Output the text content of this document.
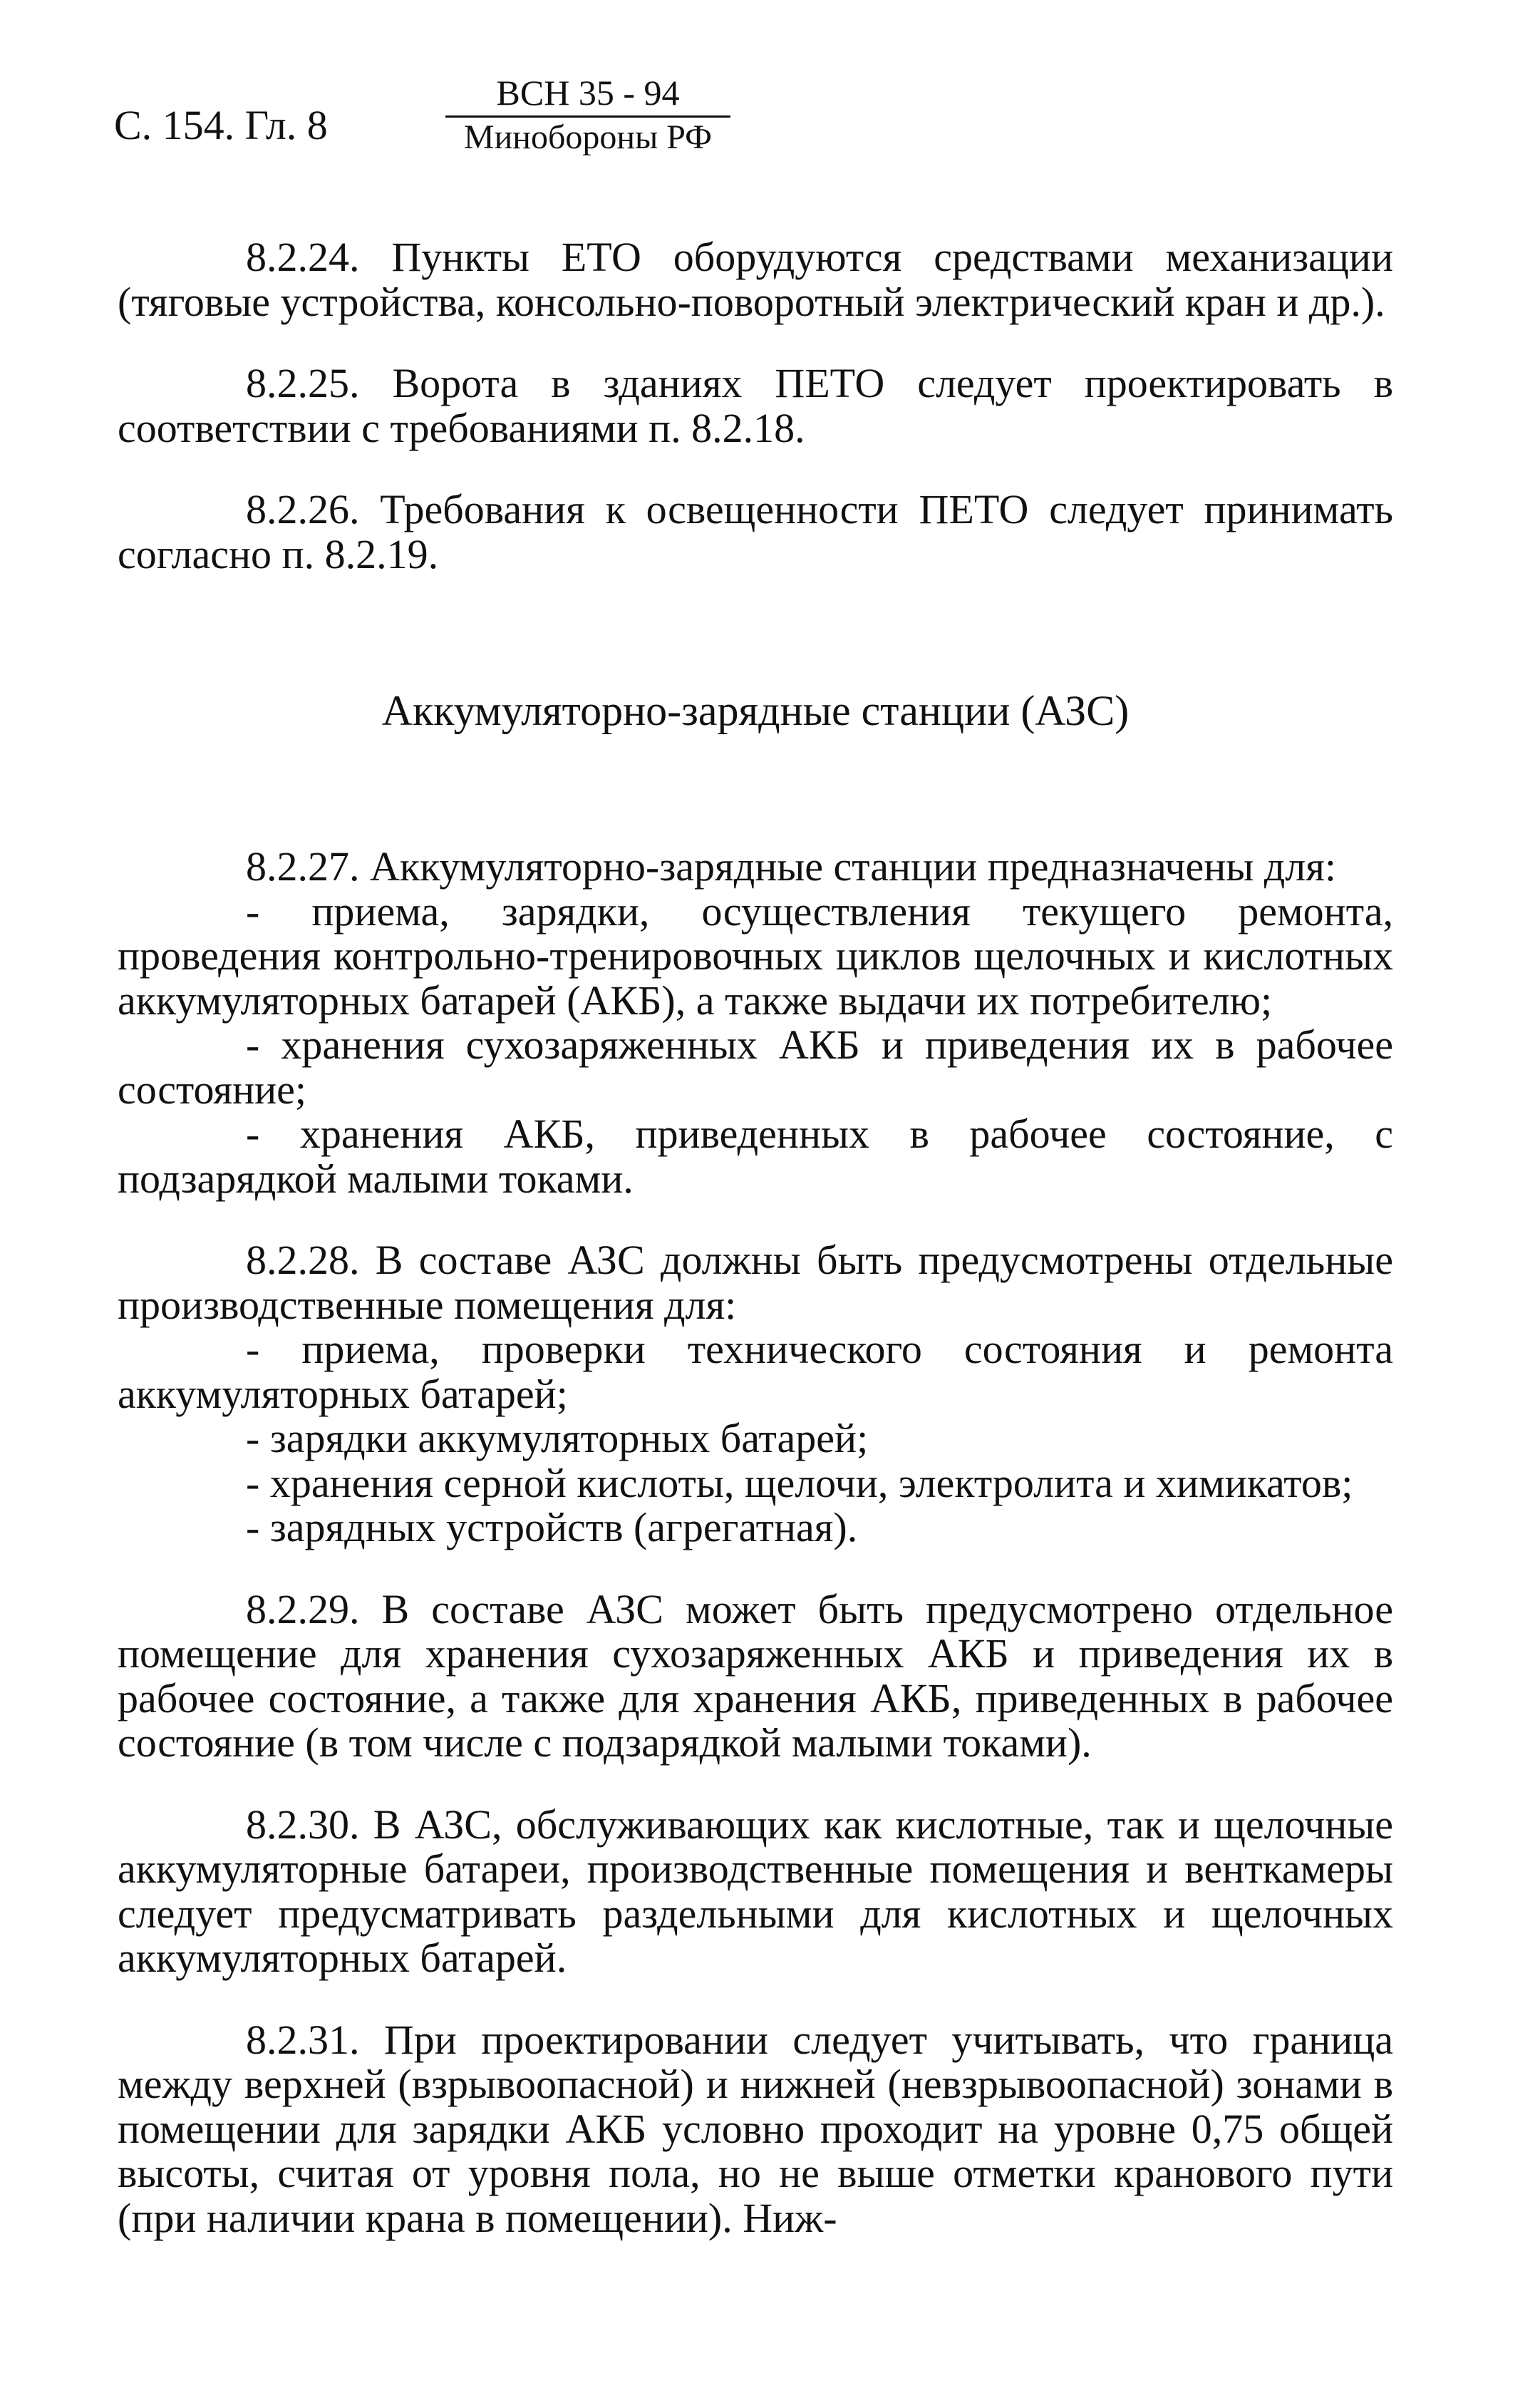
С. 154. Гл. 8
ВСН 35 - 94
Минобороны РФ

8.2.24. Пункты ЕТО оборудуются средствами механизации (тяговые устройства, консольно-поворотный электрический кран и др.).

8.2.25. Ворота в зданиях ПЕТО следует проектировать в соответствии с требованиями п. 8.2.18.

8.2.26. Требования к освещенности ПЕТО следует принимать согласно п. 8.2.19.

Аккумуляторно-зарядные станции (АЗС)

8.2.27. Аккумуляторно-зарядные станции предназначены для:

- приема, зарядки, осуществления текущего ремонта, проведения контрольно-тренировочных циклов щелочных и кислотных аккумуляторных батарей (АКБ), а также выдачи их потребителю;

- хранения сухозаряженных АКБ и приведения их в рабочее состояние;

- хранения АКБ, приведенных в рабочее состояние, с подзарядкой малыми токами.

8.2.28. В составе АЗС должны быть предусмотрены отдельные производственные помещения для:

- приема, проверки технического состояния и ремонта аккумуляторных батарей;

- зарядки аккумуляторных батарей;

- хранения серной кислоты, щелочи, электролита и химикатов;

- зарядных устройств (агрегатная).

8.2.29. В составе АЗС может быть предусмотрено отдельное помещение для хранения сухозаряженных АКБ и приведения их в рабочее состояние, а также для хранения АКБ, приведенных в рабочее состояние (в том числе с подзарядкой малыми токами).

8.2.30. В АЗС, обслуживающих как кислотные, так и щелочные аккумуляторные батареи, производственные помещения и венткамеры следует предусматривать раздельными для кислотных и щелочных аккумуляторных батарей.

8.2.31. При проектировании следует учитывать, что граница между верхней (взрывоопасной) и нижней (невзрывоопасной) зонами в помещении для зарядки АКБ условно проходит на уровне 0,75 общей высоты, считая от уровня пола, но не выше отметки кранового пути (при наличии крана в помещении). Ниж-
